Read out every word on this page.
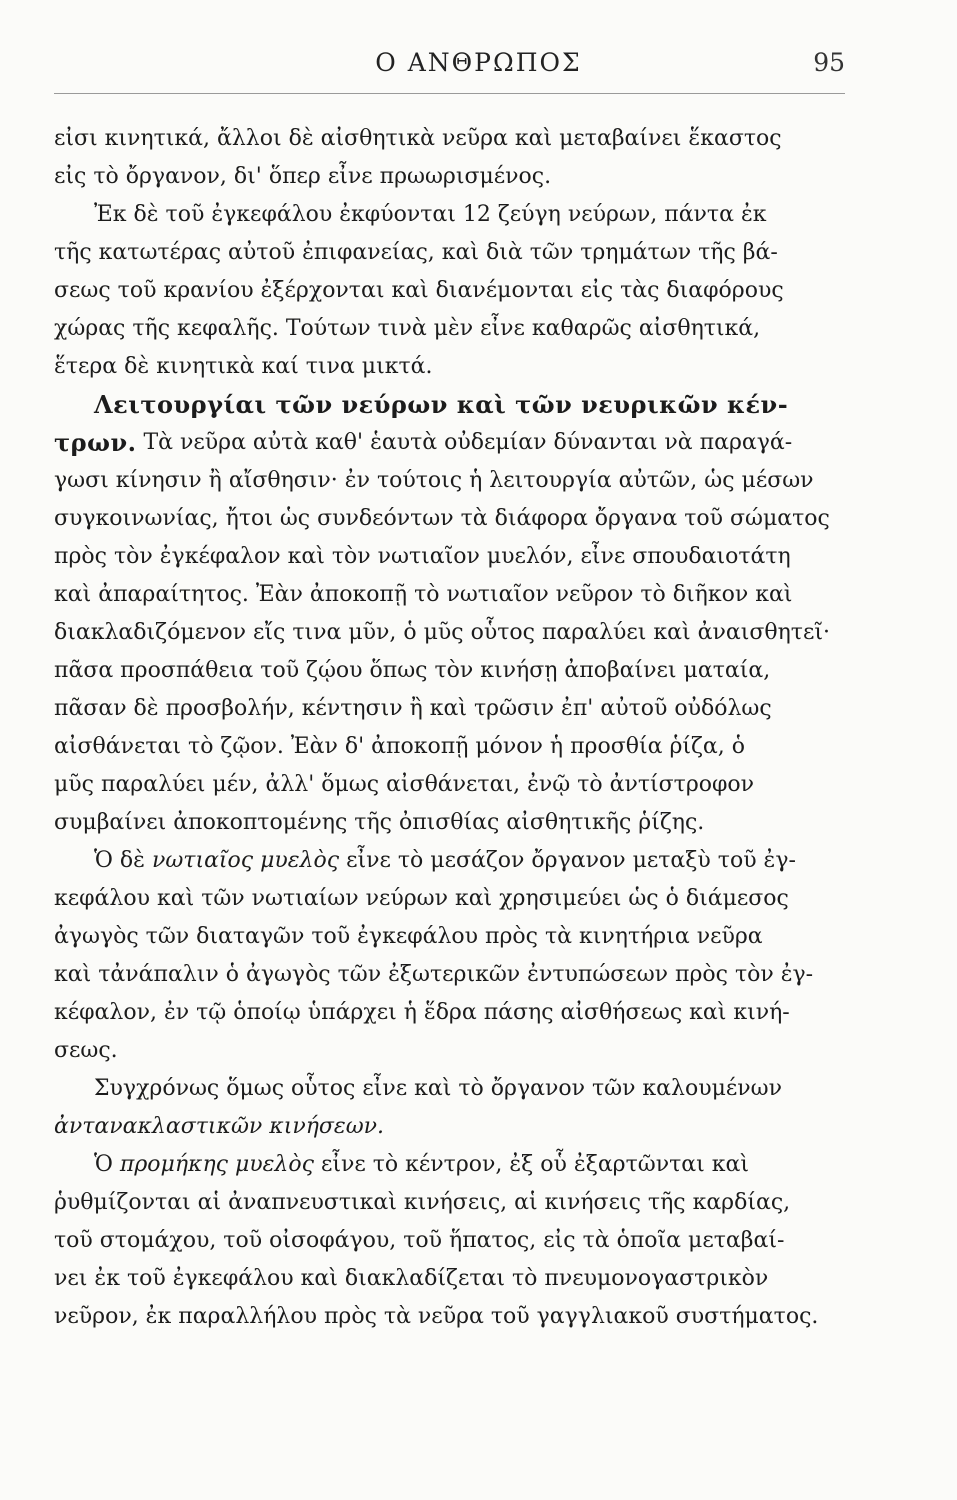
Ο ΑΝΘΡΩΠΟΣ	95
εἰσι κινητικά, ἄλλοι δὲ αἰσθητικὰ νεῦρα καὶ μεταβαίνει ἕκαστος
εἰς τὸ ὄργανον, δι' ὅπερ εἶνε πρωωρισμένος.
Ἐκ δὲ τοῦ ἐγκεφάλου ἐκφύονται 12 ζεύγη νεύρων, πάντα ἐκ
τῆς κατωτέρας αὐτοῦ ἐπιφανείας, καὶ διὰ τῶν τρημάτων τῆς βά-
σεως τοῦ κρανίου ἐξέρχονται καὶ διανέμονται εἰς τὰς διαφόρους
χώρας τῆς κεφαλῆς. Τούτων τινὰ μὲν εἶνε καθαρῶς αἰσθητικά,
ἕτερα δὲ κινητικὰ καί τινα μικτά.
Λειτουργίαι τῶν νεύρων καὶ τῶν νευρικῶν κέν-
τρων.
Τὰ νεῦρα αὐτὰ καθ' ἑαυτὰ οὐδεμίαν δύνανται νὰ παραγά-
γωσι κίνησιν ἢ αἴσθησιν· ἐν τούτοις ἡ λειτουργία αὐτῶν, ὡς μέσων
συγκοινωνίας, ἤτοι ὡς συνδεόντων τὰ διάφορα ὄργανα τοῦ σώματος
πρὸς τὸν ἐγκέφαλον καὶ τὸν νωτιαῖον μυελόν, εἶνε σπουδαιοτάτη
καὶ ἀπαραίτητος. Ἐὰν ἀποκοπῇ τὸ νωτιαῖον νεῦρον τὸ διῆκον καὶ
διακλαδιζόμενον εἴς τινα μῦν, ὁ μῦς οὗτος παραλύει καὶ ἀναισθητεῖ·
πᾶσα προσπάθεια τοῦ ζῴου ὅπως τὸν κινήσῃ ἀποβαίνει ματαία,
πᾶσαν δὲ προσβολήν, κέντησιν ἢ καὶ τρῶσιν ἐπ' αὐτοῦ οὐδόλως
αἰσθάνεται τὸ ζῷον. Ἐὰν δ' ἀποκοπῇ μόνον ἡ προσθία ῥίζα, ὁ
μῦς παραλύει μέν, ἀλλ' ὅμως αἰσθάνεται, ἐνῷ τὸ ἀντίστροφον
συμβαίνει ἀποκοπτομένης τῆς ὀπισθίας αἰσθητικῆς ῥίζης.
Ὁ δὲ
νωτιαῖος μυελὸς
εἶνε τὸ μεσάζον ὄργανον μεταξὺ τοῦ ἐγ-
κεφάλου καὶ τῶν νωτιαίων νεύρων καὶ χρησιμεύει ὡς ὁ διάμεσος
ἀγωγὸς τῶν διαταγῶν τοῦ ἐγκεφάλου πρὸς τὰ κινητήρια νεῦρα
καὶ τἀνάπαλιν ὁ ἀγωγὸς τῶν ἐξωτερικῶν ἐντυπώσεων πρὸς τὸν ἐγ-
κέφαλον, ἐν τῷ ὁποίῳ ὑπάρχει ἡ ἕδρα πάσης αἰσθήσεως καὶ κινή-
σεως.
Συγχρόνως ὅμως οὗτος εἶνε καὶ τὸ ὄργανον τῶν καλουμένων
ἀντανακλαστικῶν κινήσεων.
Ὁ
προμήκης μυελὸς
εἶνε τὸ κέντρον, ἐξ οὗ ἐξαρτῶνται καὶ
ῥυθμίζονται αἱ ἀναπνευστικαὶ κινήσεις, αἱ κινήσεις τῆς καρδίας,
τοῦ στομάχου, τοῦ οἰσοφάγου, τοῦ ἥπατος, εἰς τὰ ὁποῖα μεταβαί-
νει ἐκ τοῦ ἐγκεφάλου καὶ διακλαδίζεται τὸ πνευμονογαστρικὸν
νεῦρον, ἐκ παραλλήλου πρὸς τὰ νεῦρα τοῦ γαγγλιακοῦ συστήματος.
